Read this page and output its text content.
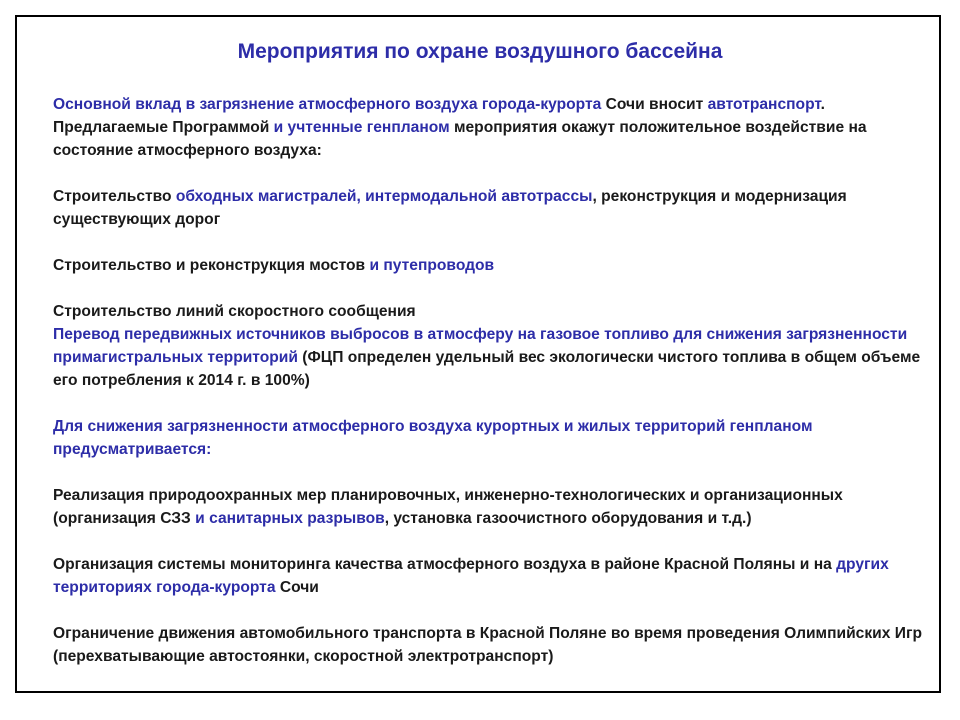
Мероприятия по охране воздушного бассейна

Основной вклад в загрязнение атмосферного воздуха города-курорта Сочи вносит автотранспорт. Предлагаемые Программой и учтенные генпланом мероприятия окажут положительное воздействие на состояние атмосферного воздуха:

Строительство обходных магистралей, интермодальной автотрассы, реконструкция и модернизация существующих дорог

Строительство и реконструкция мостов и путепроводов

Строительство линий скоростного сообщения

Перевод передвижных источников выбросов в атмосферу на газовое топливо для снижения загрязненности примагистральных территорий (ФЦП определен удельный вес экологически чистого топлива в общем объеме его потребления к 2014 г. в 100%)

Для снижения загрязненности атмосферного воздуха курортных и жилых территорий генпланом предусматривается:

Реализация природоохранных мер планировочных, инженерно-технологических и организационных (организация СЗЗ и санитарных разрывов, установка газоочистного оборудования и т.д.)

Организация системы мониторинга качества атмосферного воздуха в районе Красной Поляны и на других территориях города-курорта Сочи

Ограничение движения автомобильного транспорта в Красной Поляне во время проведения Олимпийских Игр (перехватывающие автостоянки, скоростной электротранспорт)
